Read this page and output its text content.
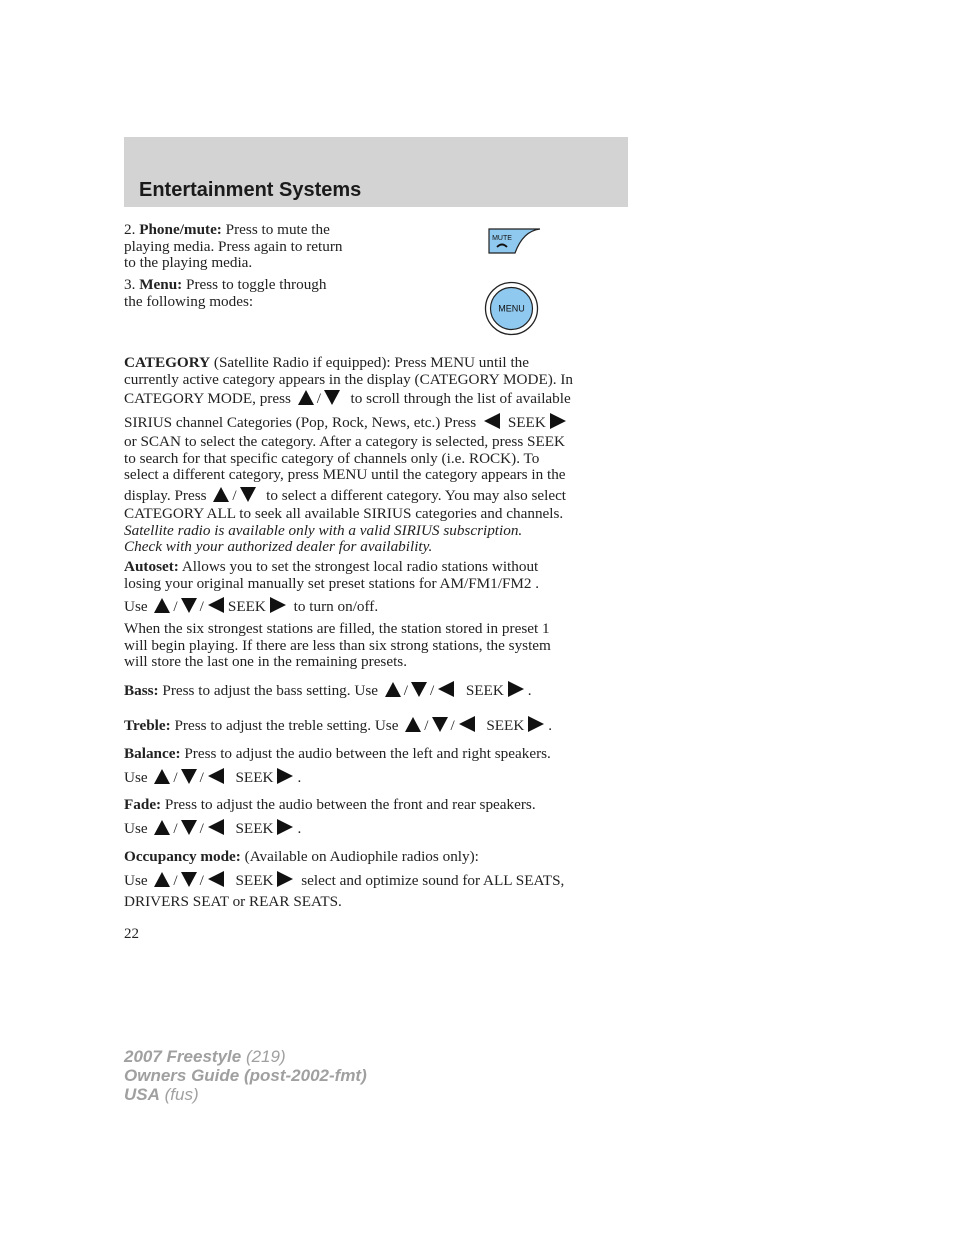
Entertainment Systems
2. Phone/mute: Press to mute the
playing media. Press again to return
to the playing media.
MUTE
3. Menu: Press to toggle through
the following modes:	MENU
CATEGORY (Satellite Radio if equipped): Press MENU until the
currently active category appears in the display (CATEGORY MODE). In
CATEGORY MODE, press / to scroll through the list of available
SIRIUS channel Categories (Pop, Rock, News, etc.) Press SEEK
or SCAN to select the category. After a category is selected, press SEEK
to search for that specific category of channels only (i.e. ROCK). To
select a different category, press MENU until the category appears in the
display. Press / to select a different category. You may also select
CATEGORY ALL to seek all available SIRIUS categories and channels.
Satellite radio is available only with a valid SIRIUS subscription.
Check with your authorized dealer for availability.
Autoset: Allows you to set the strongest local radio stations without
losing your original manually set preset stations for AM/FM1/FM2 .
Use / / SEEK to turn on/off.
When the six strongest stations are filled, the station stored in preset 1
will begin playing. If there are less than six strong stations, the system
will store the last one in the remaining presets.
Bass: Press to adjust the bass setting. Use / / SEEK .
Treble: Press to adjust the treble setting. Use / / SEEK .
Balance: Press to adjust the audio between the left and right speakers.
Use / / SEEK .
Fade: Press to adjust the audio between the front and rear speakers.
Use / / SEEK .
Occupancy mode: (Available on Audiophile radios only):
Use / / SEEK select and optimize sound for ALL SEATS,
DRIVERS SEAT or REAR SEATS.
22
2007 Freestyle (219)
Owners Guide (post-2002-fmt)
USA (fus)
